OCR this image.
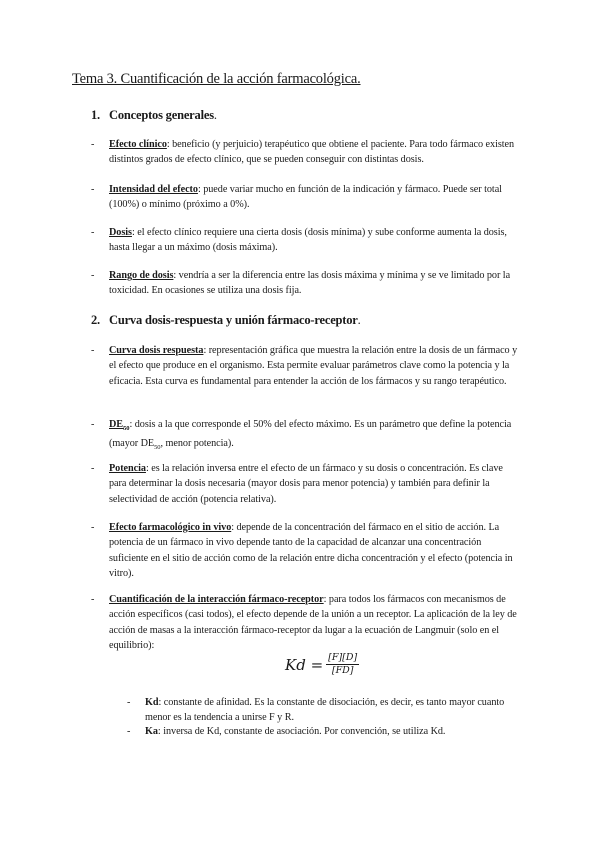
Tema 3. Cuantificación de la acción farmacológica.
1. Conceptos generales.
- Efecto clínico: beneficio (y perjuicio) terapéutico que obtiene el paciente. Para todo fármaco existen distintos grados de efecto clínico, que se pueden conseguir con distintas dosis.
- Intensidad del efecto: puede variar mucho en función de la indicación y fármaco. Puede ser total (100%) o mínimo (próximo a 0%).
- Dosis: el efecto clínico requiere una cierta dosis (dosis mínima) y sube conforme aumenta la dosis, hasta llegar a un máximo (dosis máxima).
- Rango de dosis: vendría a ser la diferencia entre las dosis máxima y mínima y se ve limitado por la toxicidad. En ocasiones se utiliza una dosis fija.
2. Curva dosis-respuesta y unión fármaco-receptor.
- Curva dosis respuesta: representación gráfica que muestra la relación entre la dosis de un fármaco y el efecto que produce en el organismo. Esta permite evaluar parámetros clave como la potencia y la eficacia. Esta curva es fundamental para entender la acción de los fármacos y su rango terapéutico.
- $DE_{50}$: dosis a la que corresponde el 50% del efecto máximo. Es un parámetro que define la potencia (mayor $DE_{50}$, menor potencia).
- Potencia: es la relación inversa entre el efecto de un fármaco y su dosis o concentración. Es clave para determinar la dosis necesaria (mayor dosis para menor potencia) y también para definir la selectividad de acción (potencia relativa).
- Efecto farmacológico in vivo: depende de la concentración del fármaco en el sitio de acción. La potencia de un fármaco in vivo depende tanto de la capacidad de alcanzar una concentración suficiente en el sitio de acción como de la relación entre dicha concentración y el efecto (potencia in vitro).
- Cuantificación de la interacción fármaco-receptor: para todos los fármacos con mecanismos de acción específicos (casi todos), el efecto depende de la unión a un receptor. La aplicación de la ley de acción de masas a la interacción fármaco-receptor da lugar a la ecuación de Langmuir (solo en el equilibrio):
$Kd = \frac{[F][D]}{[FD]}$
- Kd: constante de afinidad. Es la constante de disociación, es decir, es tanto mayor cuanto menor es la tendencia a unirse F y R.
- Ka: inversa de Kd, constante de asociación. Por convención, se utiliza Kd.
